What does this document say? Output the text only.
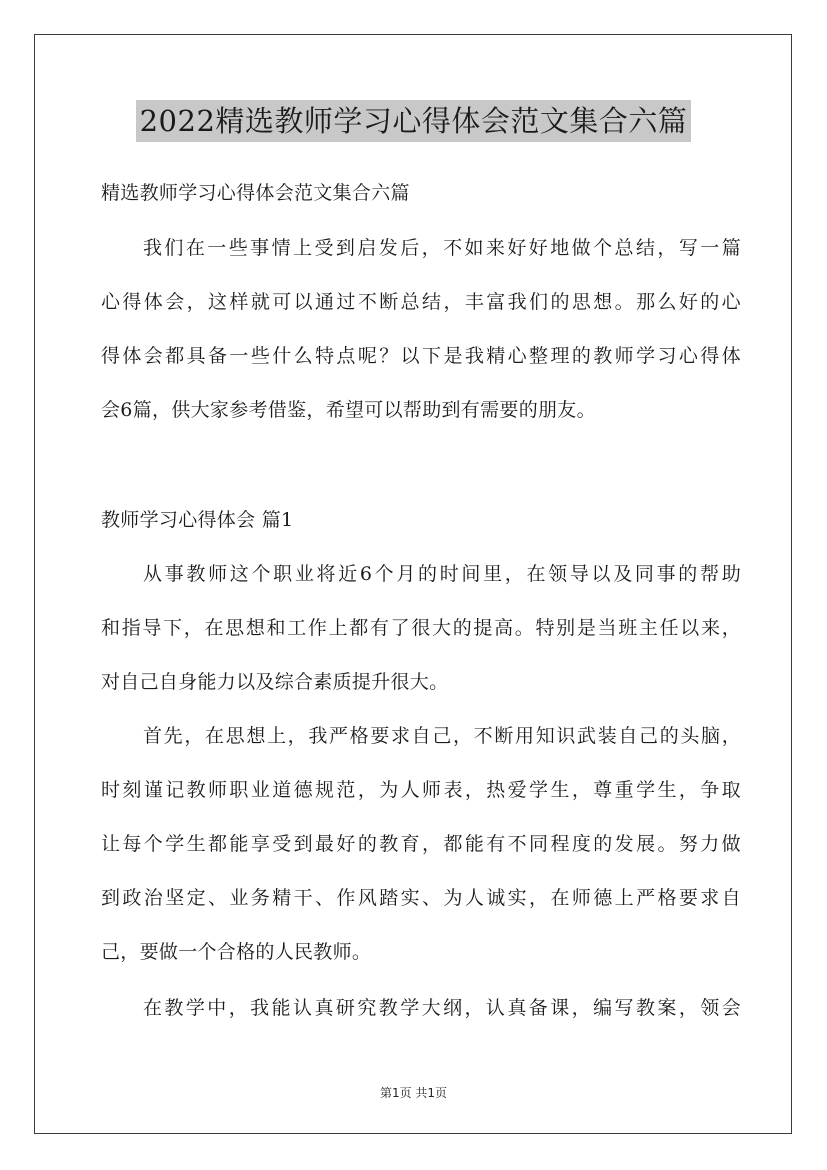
2022精选教师学习心得体会范文集合六篇
精选教师学习心得体会范文集合六篇
我们在一些事情上受到启发后，不如来好好地做个总结，写一篇
心得体会，这样就可以通过不断总结，丰富我们的思想。那么好的心
得体会都具备一些什么特点呢？以下是我精心整理的教师学习心得体
会6篇，供大家参考借鉴，希望可以帮助到有需要的朋友。
教师学习心得体会 篇1
从事教师这个职业将近6个月的时间里，在领导以及同事的帮助
和指导下，在思想和工作上都有了很大的提高。特别是当班主任以来，
对自己自身能力以及综合素质提升很大。
首先，在思想上，我严格要求自己，不断用知识武装自己的头脑，
时刻谨记教师职业道德规范，为人师表，热爱学生，尊重学生，争取
让每个学生都能享受到最好的教育，都能有不同程度的发展。努力做
到政治坚定、业务精干、作风踏实、为人诚实，在师德上严格要求自
己，要做一个合格的人民教师。
在教学中，我能认真研究教学大纲，认真备课，编写教案，领会
第1页 共1页
